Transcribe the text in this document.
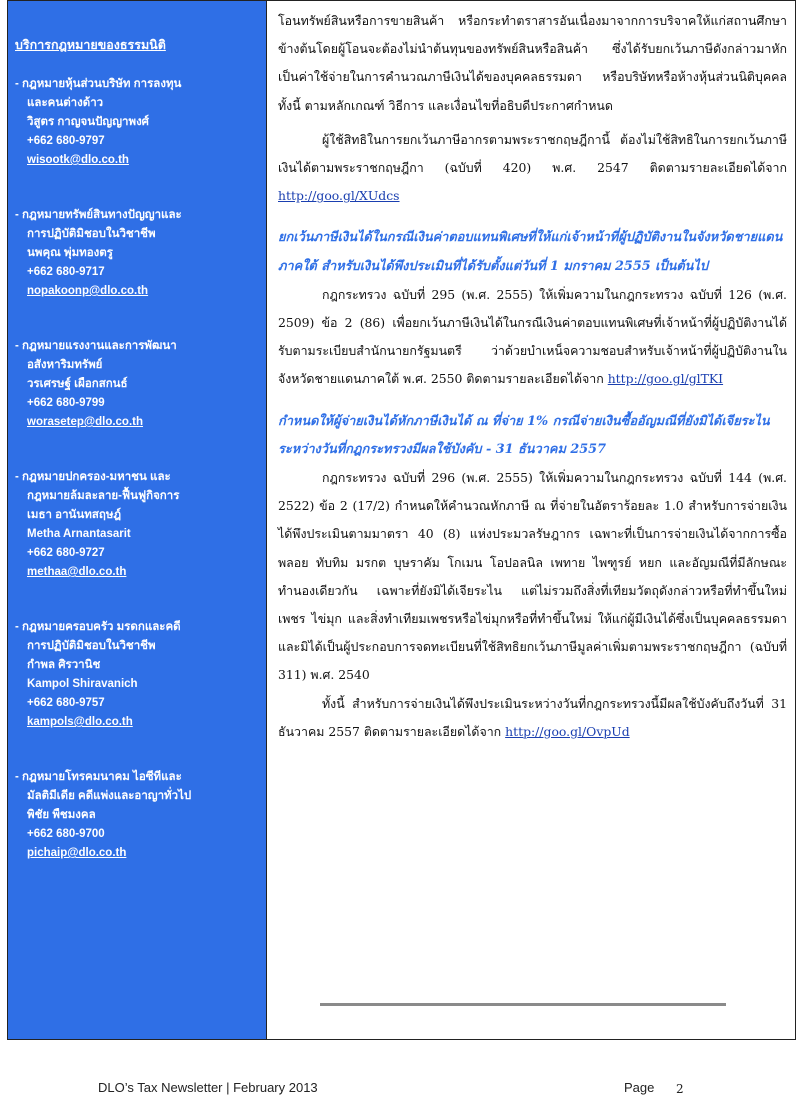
บริการกฎหมายของธรรมนิติ
- กฎหมายหุ้นส่วนบริษัท การลงทุน
และคนต่างด้าว
วิสูตร กาญจนปัญญาพงศ์
+662 680-9797
wisootk@dlo.co.th
- กฎหมายทรัพย์สินทางปัญญาและ
การปฏิบัติมิชอบในวิชาชีพ
นพคุณ พุ่มทองตรู
+662 680-9717
nopakoonp@dlo.co.th
- กฎหมายแรงงานและการพัฒนา
อสังหาริมทรัพย์
วรเศรษฐ์ เผือกสกนธ์
+662 680-9799
worasetep@dlo.co.th
- กฎหมายปกครอง-มหาชน และ
กฎหมายล้มละลาย-ฟื้นฟูกิจการ
เมธา อานันทสฤษฎ์
Metha Arnantasarit
+662 680-9727
methaa@dlo.co.th
- กฎหมายครอบครัว มรดกและคดี
การปฏิบัติมิชอบในวิชาชีพ
กำพล ศิรวานิช
Kampol Shiravanich
+662 680-9757
kampols@dlo.co.th
- กฎหมายโทรคมนาคม ไอซีทีและ
มัลติมีเดีย คดีแพ่งและอาญาทั่วไป
พิชัย พืชมงคล
+662 680-9700
pichaip@dlo.co.th

โอนทรัพย์สินหรือการขายสินค้า หรือกระทำตราสารอันเนื่องมาจากการบริจาคให้แก่สถานศึกษาข้างต้นโดยผู้โอนจะต้องไม่นำต้นทุนของทรัพย์สินหรือสินค้า ซึ่งได้รับยกเว้นภาษีดังกล่าวมาหักเป็นค่าใช้จ่ายในการคำนวณภาษีเงินได้ของบุคคลธรรมดา หรือบริษัทหรือห้างหุ้นส่วนนิติบุคคล ทั้งนี้ ตามหลักเกณฑ์ วิธีการ และเงื่อนไขที่อธิบดีประกาศกำหนด

ผู้ใช้สิทธิในการยกเว้นภาษีอากรตามพระราชกฤษฎีกานี้ ต้องไม่ใช้สิทธิในการยกเว้นภาษีเงินได้ตามพระราชกฤษฎีกา (ฉบับที่ 420) พ.ศ. 2547 ติดตามรายละเอียดได้จาก http://goo.gl/XUdcs

ยกเว้นภาษีเงินได้ในกรณีเงินค่าตอบแทนพิเศษที่ให้แก่เจ้าหน้าที่ผู้ปฏิบัติงานในจังหวัดชายแดนภาคใต้ สำหรับเงินได้พึงประเมินที่ได้รับตั้งแต่วันที่ 1 มกราคม 2555 เป็นต้นไป

กฎกระทรวง ฉบับที่ 295 (พ.ศ. 2555) ให้เพิ่มความในกฎกระทรวง ฉบับที่ 126 (พ.ศ. 2509) ข้อ 2 (86) เพื่อยกเว้นภาษีเงินได้ในกรณีเงินค่าตอบแทนพิเศษที่เจ้าหน้าที่ผู้ปฏิบัติงานได้รับตามระเบียบสำนักนายกรัฐมนตรี ว่าด้วยบำเหน็จความชอบสำหรับเจ้าหน้าที่ผู้ปฏิบัติงานในจังหวัดชายแดนภาคใต้ พ.ศ. 2550 ติดตามรายละเอียดได้จาก http://goo.gl/glTKI

กำหนดให้ผู้จ่ายเงินได้หักภาษีเงินได้ ณ ที่จ่าย 1% กรณีจ่ายเงินซื้ออัญมณีที่ยังมิได้เจียระไน ระหว่างวันที่กฎกระทรวงมีผลใช้บังคับ - 31 ธันวาคม 2557

กฎกระทรวง ฉบับที่ 296 (พ.ศ. 2555) ให้เพิ่มความในกฎกระทรวง ฉบับที่ 144 (พ.ศ. 2522) ข้อ 2 (17/2) กำหนดให้คำนวณหักภาษี ณ ที่จ่ายในอัตราร้อยละ 1.0 สำหรับการจ่ายเงินได้พึงประเมินตามมาตรา 40 (8) แห่งประมวลรัษฎากร เฉพาะที่เป็นการจ่ายเงินได้จากการซื้อพลอย ทับทิม มรกต บุษราคัม โกเมน โอปอลนิล เพทาย ไพฑูรย์ หยก และอัญมณีที่มีลักษณะทำนองเดียวกัน เฉพาะที่ยังมิได้เจียระไน แต่ไม่รวมถึงสิ่งที่เทียมวัตถุดังกล่าวหรือที่ทำขึ้นใหม่ เพชร ไข่มุก และสิ่งทำเทียมเพชรหรือไข่มุกหรือที่ทำขึ้นใหม่ ให้แก่ผู้มีเงินได้ซึ่งเป็นบุคคลธรรมดาและมิได้เป็นผู้ประกอบการจดทะเบียนที่ใช้สิทธิยกเว้นภาษีมูลค่าเพิ่มตามพระราชกฤษฎีกา (ฉบับที่ 311) พ.ศ. 2540

ทั้งนี้ สำหรับการจ่ายเงินได้พึงประเมินระหว่างวันที่กฎกระทรวงนี้มีผลใช้บังคับถึงวันที่ 31 ธันวาคม 2557 ติดตามรายละเอียดได้จาก http://goo.gl/OvpUd

DLO’s Tax Newsletter | February 2013	Page 2
